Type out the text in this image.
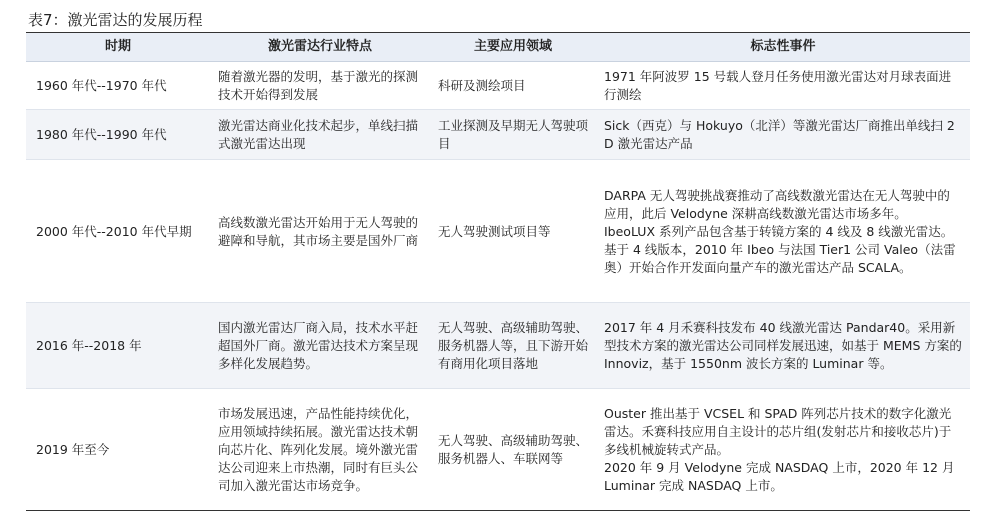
表7：激光雷达的发展历程
时期	激光雷达行业特点	主要应用领域	标志性事件
1960 年代--1970 年代	随着激光器的发明，基于激光的探测技术开始得到发展	科研及测绘项目	1971 年阿波罗 15 号载人登月任务使用激光雷达对月球表面进行测绘

1980 年代--1990 年代	激光雷达商业化技术起步，单线扫描式激光雷达出现	工业探测及早期无人驾驶项目	Sick（西克）与 Hokuyo（北洋）等激光雷达厂商推出单线扫 2D 激光雷达产品

2000 年代--2010 年代早期	高线数激光雷达开始用于无人驾驶的避障和导航，其市场主要是国外厂商	无人驾驶测试项目等	DARPA 无人驾驶挑战赛推动了高线数激光雷达在无人驾驶中的应用，此后 Velodyne 深耕高线数激光雷达市场多年。
IbeoLUX 系列产品包含基于转镜方案的 4 线及 8 线激光雷达。基于 4 线版本，2010 年 Ibeo 与法国 Tier1 公司 Valeo（法雷奥）开始合作开发面向量产车的激光雷达产品 SCALA。

2016 年--2018 年	国内激光雷达厂商入局，技术水平赶超国外厂商。激光雷达技术方案呈现多样化发展趋势。	无人驾驶、高级辅助驾驶、服务机器人等，且下游开始有商用化项目落地	2017 年 4 月禾赛科技发布 40 线激光雷达 Pandar40。采用新型技术方案的激光雷达公司同样发展迅速，如基于 MEMS 方案的 Innoviz，基于 1550nm 波长方案的 Luminar 等。

2019 年至今	市场发展迅速，产品性能持续优化，应用领域持续拓展。激光雷达技术朝向芯片化、阵列化发展。境外激光雷达公司迎来上市热潮，同时有巨头公司加入激光雷达市场竞争。	无人驾驶、高级辅助驾驶、服务机器人、车联网等	Ouster 推出基于 VCSEL 和 SPAD 阵列芯片技术的数字化激光雷达。禾赛科技应用自主设计的芯片组(发射芯片和接收芯片)于多线机械旋转式产品。
2020 年 9 月 Velodyne 完成 NASDAQ 上市，2020 年 12 月 Luminar 完成 NASDAQ 上市。
